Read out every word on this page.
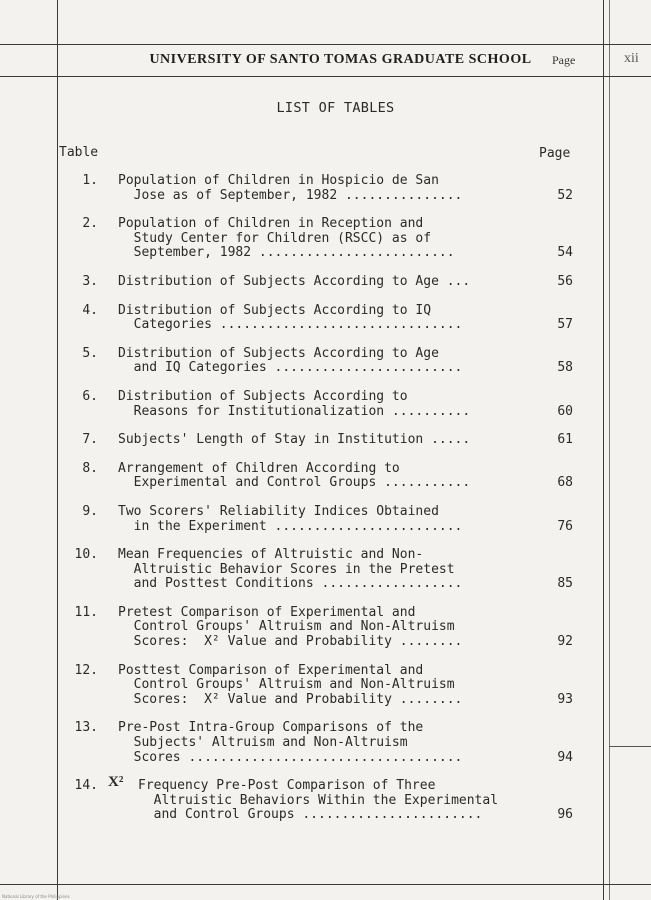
UNIVERSITY OF SANTO TOMAS GRADUATE SCHOOL	Page	xii
LIST OF TABLES
Table	Page
1. Population of Children in Hospicio de San
Jose as of September, 1982 ...............	52
2. Population of Children in Reception and
Study Center for Children (RSCC) as of
September, 1982 .........................	54
3. Distribution of Subjects According to Age ...	56
4. Distribution of Subjects According to IQ
Categories ...............................	57
5. Distribution of Subjects According to Age
and IQ Categories ........................	58
6. Distribution of Subjects According to
Reasons for Institutionalization ..........	60
7. Subjects' Length of Stay in Institution .....	61
8. Arrangement of Children According to
Experimental and Control Groups ...........	68
9. Two Scorers' Reliability Indices Obtained
in the Experiment ........................	76
10. Mean Frequencies of Altruistic and Non-
Altruistic Behavior Scores in the Pretest
and Posttest Conditions ..................	85
11. Pretest Comparison of Experimental and
Control Groups' Altruism and Non-Altruism
Scores:  X² Value and Probability ........	92
12. Posttest Comparison of Experimental and
Control Groups' Altruism and Non-Altruism
Scores:  X² Value and Probability ........	93
13. Pre-Post Intra-Group Comparisons of the
Subjects' Altruism and Non-Altruism
Scores ...................................	94
14. X² Frequency Pre-Post Comparison of Three
Altruistic Behaviors Within the Experimental
and Control Groups .......................	96
National Library of the Philippines
